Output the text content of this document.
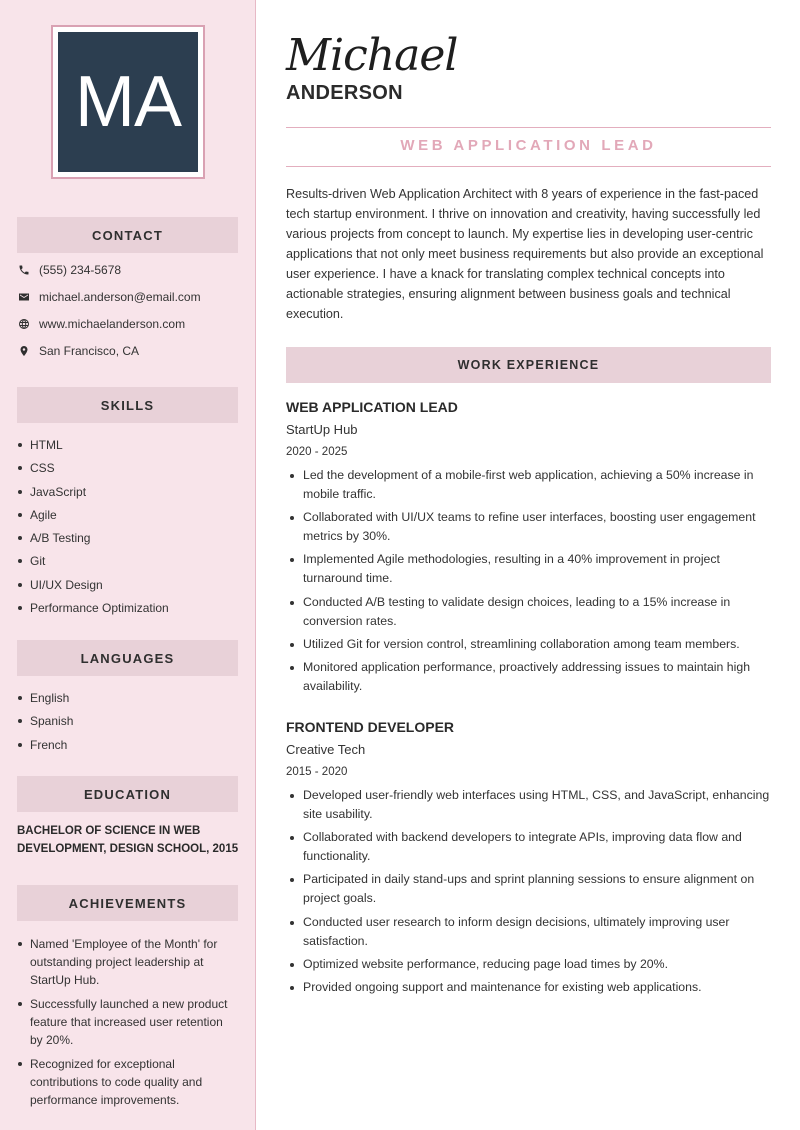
MA
CONTACT
(555) 234-5678
michael.anderson@email.com
www.michaelanderson.com
San Francisco, CA
SKILLS
HTML
CSS
JavaScript
Agile
A/B Testing
Git
UI/UX Design
Performance Optimization
LANGUAGES
English
Spanish
French
EDUCATION
BACHELOR OF SCIENCE IN WEB DEVELOPMENT, DESIGN SCHOOL, 2015
ACHIEVEMENTS
Named 'Employee of the Month' for outstanding project leadership at StartUp Hub.
Successfully launched a new product feature that increased user retention by 20%.
Recognized for exceptional contributions to code quality and performance improvements.
Michael
ANDERSON
WEB APPLICATION LEAD
Results-driven Web Application Architect with 8 years of experience in the fast-paced tech startup environment. I thrive on innovation and creativity, having successfully led various projects from concept to launch. My expertise lies in developing user-centric applications that not only meet business requirements but also provide an exceptional user experience. I have a knack for translating complex technical concepts into actionable strategies, ensuring alignment between business goals and technical execution.
WORK EXPERIENCE
WEB APPLICATION LEAD
StartUp Hub
2020 - 2025
Led the development of a mobile-first web application, achieving a 50% increase in mobile traffic.
Collaborated with UI/UX teams to refine user interfaces, boosting user engagement metrics by 30%.
Implemented Agile methodologies, resulting in a 40% improvement in project turnaround time.
Conducted A/B testing to validate design choices, leading to a 15% increase in conversion rates.
Utilized Git for version control, streamlining collaboration among team members.
Monitored application performance, proactively addressing issues to maintain high availability.
FRONTEND DEVELOPER
Creative Tech
2015 - 2020
Developed user-friendly web interfaces using HTML, CSS, and JavaScript, enhancing site usability.
Collaborated with backend developers to integrate APIs, improving data flow and functionality.
Participated in daily stand-ups and sprint planning sessions to ensure alignment on project goals.
Conducted user research to inform design decisions, ultimately improving user satisfaction.
Optimized website performance, reducing page load times by 20%.
Provided ongoing support and maintenance for existing web applications.
